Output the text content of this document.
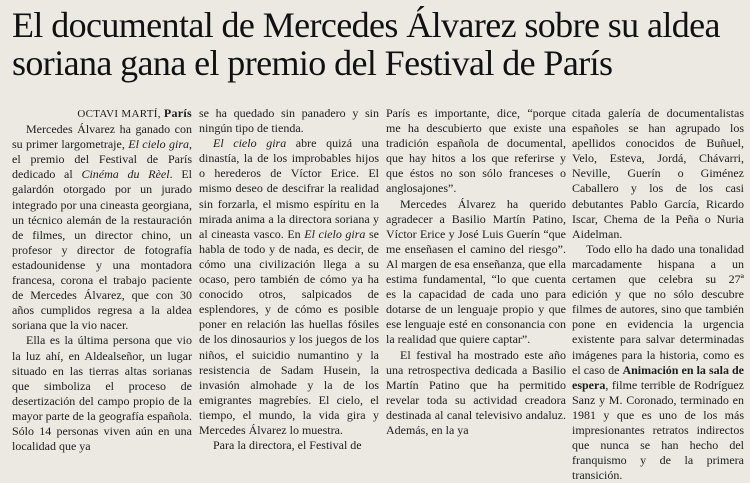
El documental de Mercedes Álvarez sobre su aldea
soriana gana el premio del Festival de París

OCTAVI MARTÍ, París

Mercedes Álvarez ha ganado con su primer largometraje, El cielo gira, el premio del Festival de París dedicado al Cinéma du Rèel. El galardón otorgado por un jurado integrado por una cineasta georgiana, un técnico alemán de la restauración de filmes, un director chino, un profesor y director de fotografía estadounidense y una montadora francesa, corona el trabajo paciente de Mercedes Álvarez, que con 30 años cumplidos regresa a la aldea soriana que la vio nacer.

Ella es la última persona que vio la luz ahí, en Aldealseñor, un lugar situado en las tierras altas sorianas que simboliza el proceso de desertización del campo propio de la mayor parte de la geografía española. Sólo 14 personas viven aún en una localidad que ya

se ha quedado sin panadero y sin ningún tipo de tienda.

El cielo gira abre quizá una dinastía, la de los improbables hijos o herederos de Víctor Erice. El mismo deseo de descifrar la realidad sin forzarla, el mismo espíritu en la mirada anima a la directora soriana y al cineasta vasco. En El cielo gira se habla de todo y de nada, es decir, de cómo una civilización llega a su ocaso, pero también de cómo ya ha conocido otros, salpicados de esplendores, y de cómo es posible poner en relación las huellas fósiles de los dinosaurios y los juegos de los niños, el suicidio numantino y la resistencia de Sadam Husein, la invasión almohade y la de los emigrantes magrebíes. El cielo, el tiempo, el mundo, la vida gira y Mercedes Álvarez lo muestra.

Para la directora, el Festival de

París es importante, dice, “porque me ha descubierto que existe una tradición española de documental, que hay hitos a los que referirse y que éstos no son sólo franceses o anglosajones”.

Mercedes Álvarez ha querido agradecer a Basilio Martín Patino, Víctor Erice y José Luis Guerín “que me enseñasen el camino del riesgo”. Al margen de esa enseñanza, que ella estima fundamental, “lo que cuenta es la capacidad de cada uno para dotarse de un lenguaje propio y que ese lenguaje esté en consonancia con la realidad que quiere captar”.

El festival ha mostrado este año una retrospectiva dedicada a Basilio Martín Patino que ha permitido revelar toda su actividad creadora destinada al canal televisivo andaluz. Además, en la ya

citada galería de documentalistas españoles se han agrupado los apellidos conocidos de Buñuel, Velo, Esteva, Jordá, Chávarri, Neville, Guerín o Giménez Caballero y los de los casi debutantes Pablo García, Ricardo Iscar, Chema de la Peña o Nuria Aidelman.

Todo ello ha dado una tonalidad marcadamente hispana a un certamen que celebra su 27ª edición y que no sólo descubre filmes de autores, sino que también pone en evidencia la urgencia existente para salvar determinadas imágenes para la historia, como es el caso de Animación en la sala de espera, filme terrible de Rodríguez Sanz y M. Coronado, terminado en 1981 y que es uno de los más impresionantes retratos indirectos que nunca se han hecho del franquismo y de la primera transición.
